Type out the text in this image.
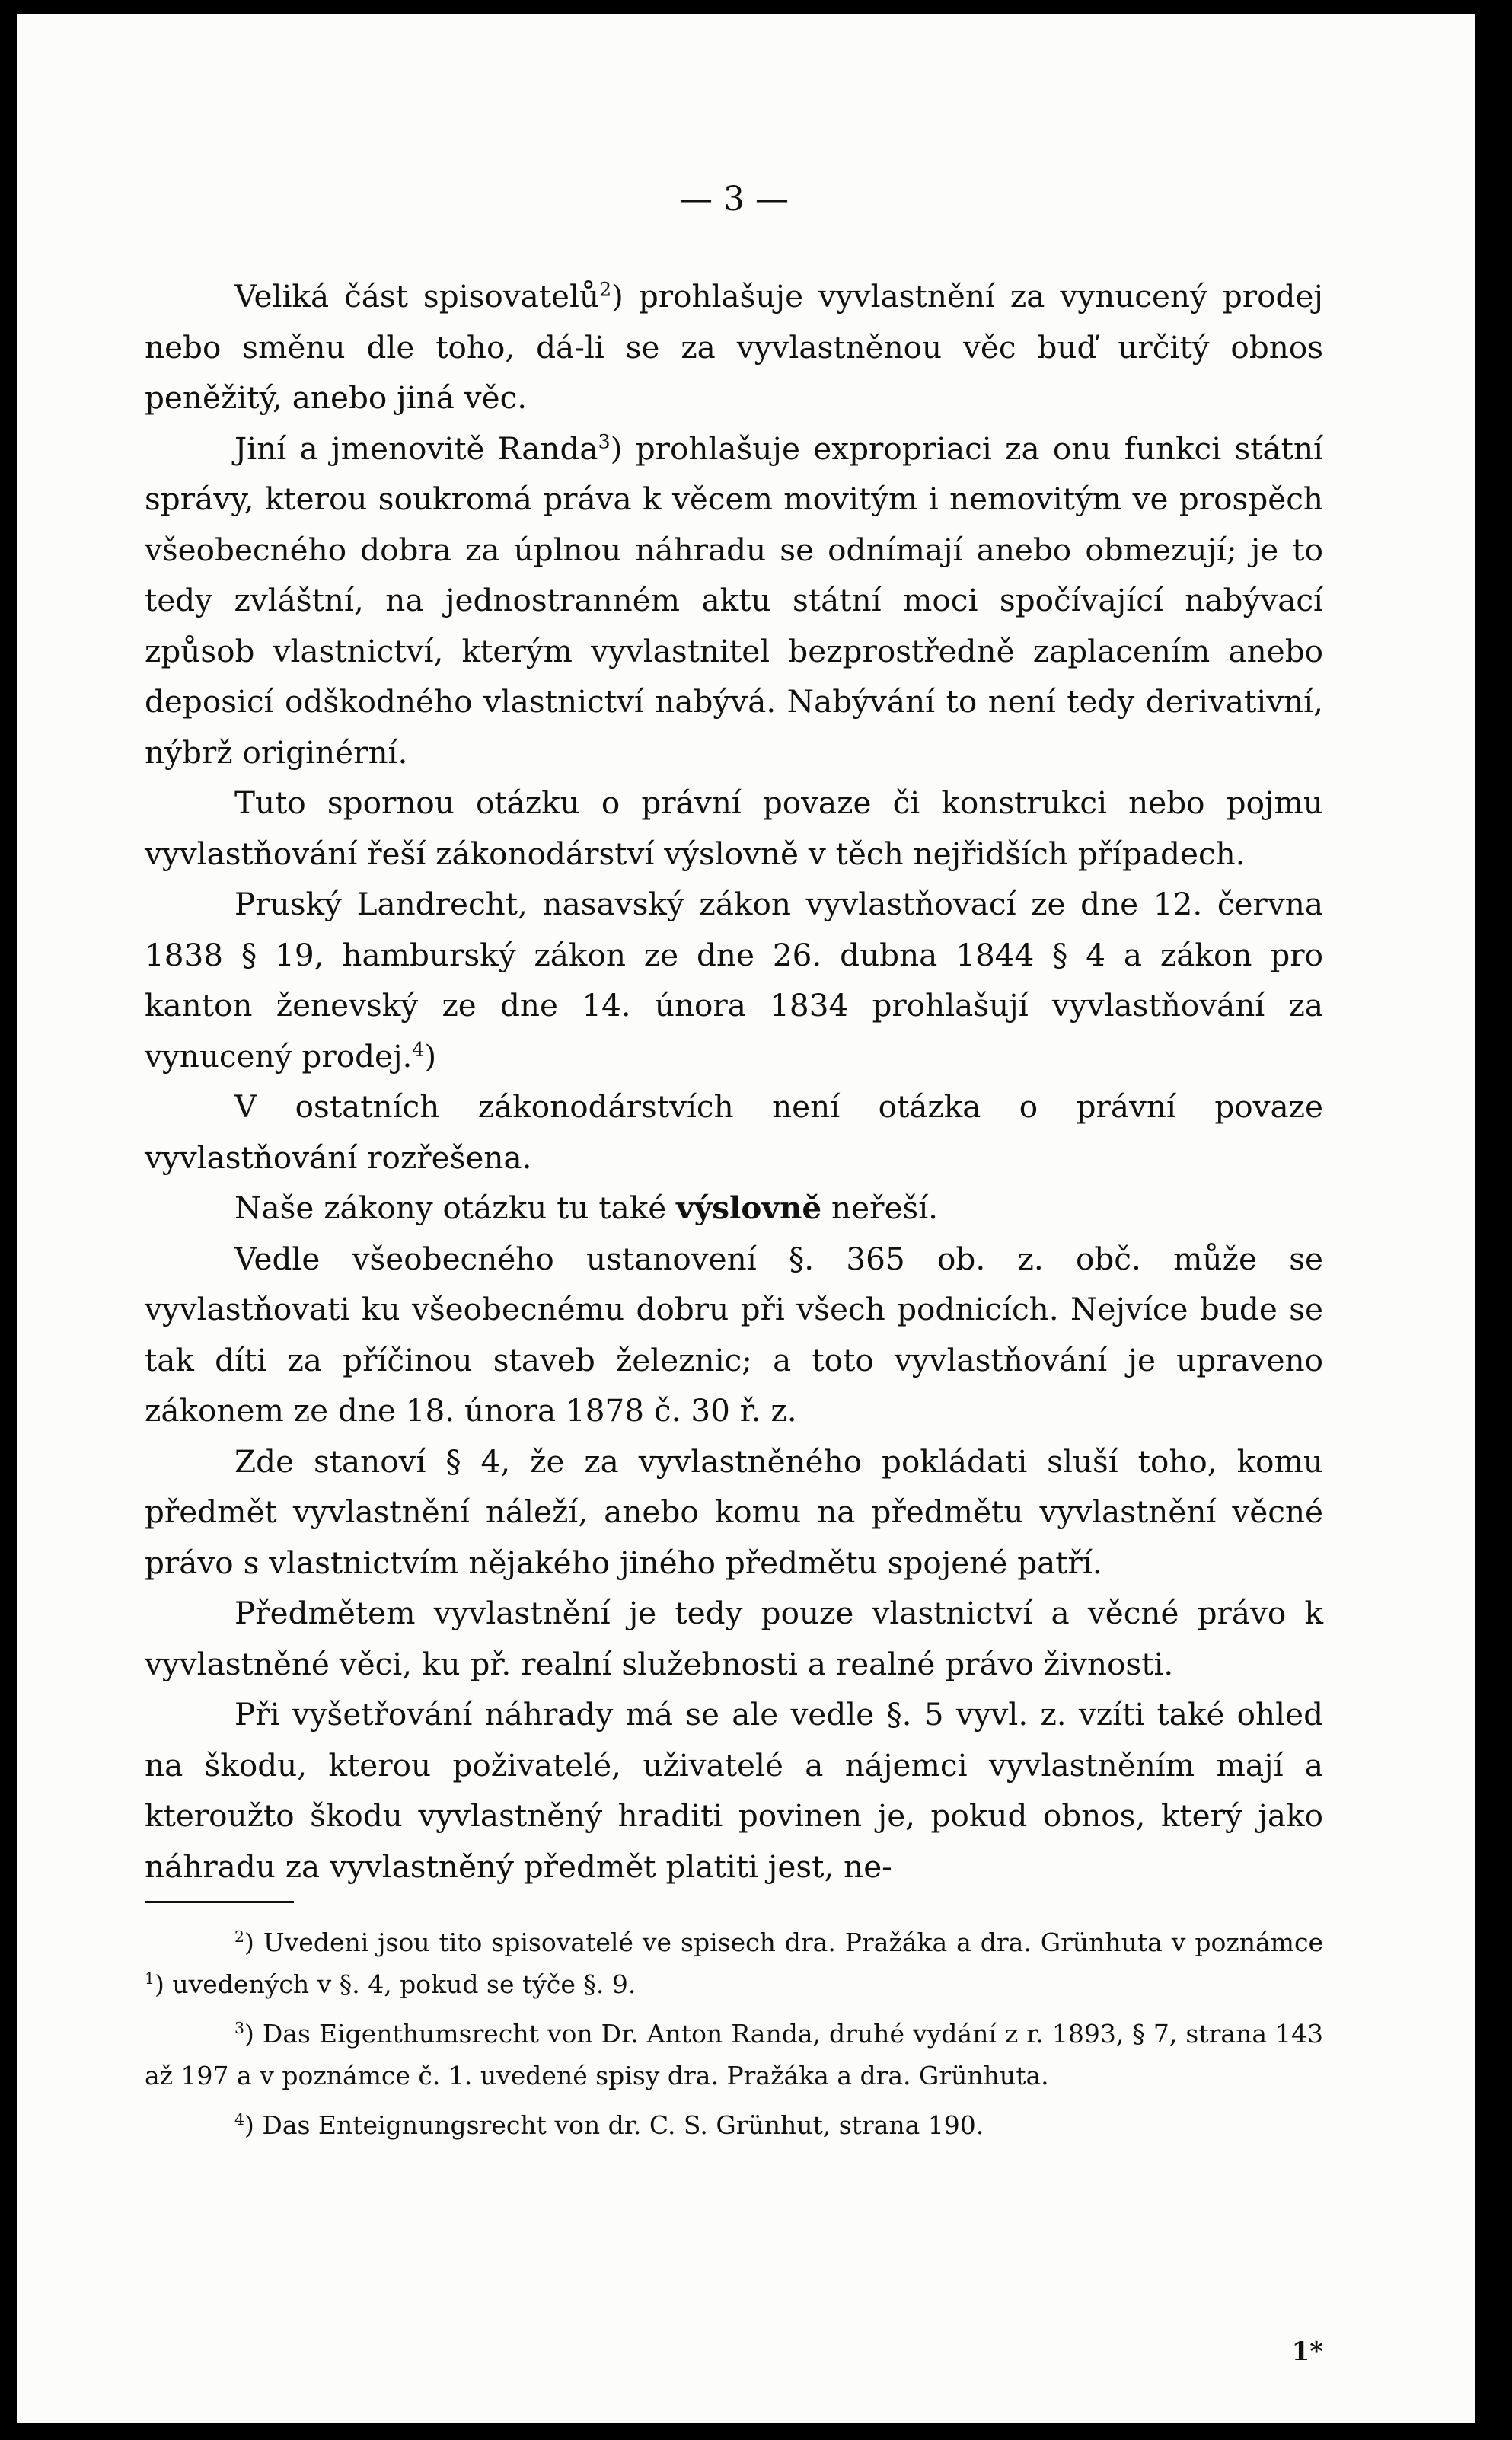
— 3 —

Veliká část spisovatelů$^2$) prohlašuje vyvlastnění za vynucený prodej nebo směnu dle toho, dá-li se za vyvlastněnou věc buď určitý obnos peněžitý, anebo jiná věc.

Jiní a jmenovitě Randa$^3$) prohlašuje expropriaci za onu funkci státní správy, kterou soukromá práva k věcem movitým i nemovitým ve prospěch všeobecného dobra za úplnou náhradu se odnímají anebo obmezují; je to tedy zvláštní, na jednostranném aktu státní moci spočívající nabývací způsob vlastnictví, kterým vyvlastnitel bezprostředně zaplacením anebo deposicí odškodného vlastnictví nabývá. Nabývání to není tedy derivativní, nýbrž originérní.

Tuto spornou otázku o právní povaze či konstrukci nebo pojmu vyvlastňování řeší zákonodárství výslovně v těch nejřidších případech.

Pruský Landrecht, nasavský zákon vyvlastňovací ze dne 12. června 1838 § 19, hamburský zákon ze dne 26. dubna 1844 § 4 a zákon pro kanton ženevský ze dne 14. února 1834 prohlašují vyvlastňování za vynucený prodej.$^4$)

V ostatních zákonodárstvích není otázka o právní povaze vyvlastňování rozřešena.

Naše zákony otázku tu také výslovně neřeší.

Vedle všeobecného ustanovení §. 365 ob. z. obč. může se vyvlastňovati ku všeobecnému dobru při všech podnicích. Nejvíce bude se tak díti za příčinou staveb železnic; a toto vyvlastňování je upraveno zákonem ze dne 18. února 1878 č. 30 ř. z.

Zde stanoví § 4, že za vyvlastněného pokládati sluší toho, komu předmět vyvlastnění náleží, anebo komu na předmětu vyvlastnění věcné právo s vlastnictvím nějakého jiného předmětu spojené patří.

Předmětem vyvlastnění je tedy pouze vlastnictví a věcné právo k vyvlastněné věci, ku př. realní služebnosti a realné právo živnosti.

Při vyšetřování náhrady má se ale vedle §. 5 vyvl. z. vzíti také ohled na škodu, kterou poživatelé, uživatelé a nájemci vyvlastněním mají a kteroužto škodu vyvlastněný hraditi povinen je, pokud obnos, který jako náhradu za vyvlastněný předmět platiti jest, ne-

$^2$) Uvedeni jsou tito spisovatelé ve spisech dra. Pražáka a dra. Grünhuta v poznámce $^1$) uvedených v §. 4, pokud se týče §. 9.

$^3$) Das Eigenthumsrecht von Dr. Anton Randa, druhé vydání z r. 1893, § 7, strana 143 až 197 a v poznámce č. 1. uvedené spisy dra. Pražáka a dra. Grünhuta.

$^4$) Das Enteignungsrecht von dr. C. S. Grünhut, strana 190.

1*
